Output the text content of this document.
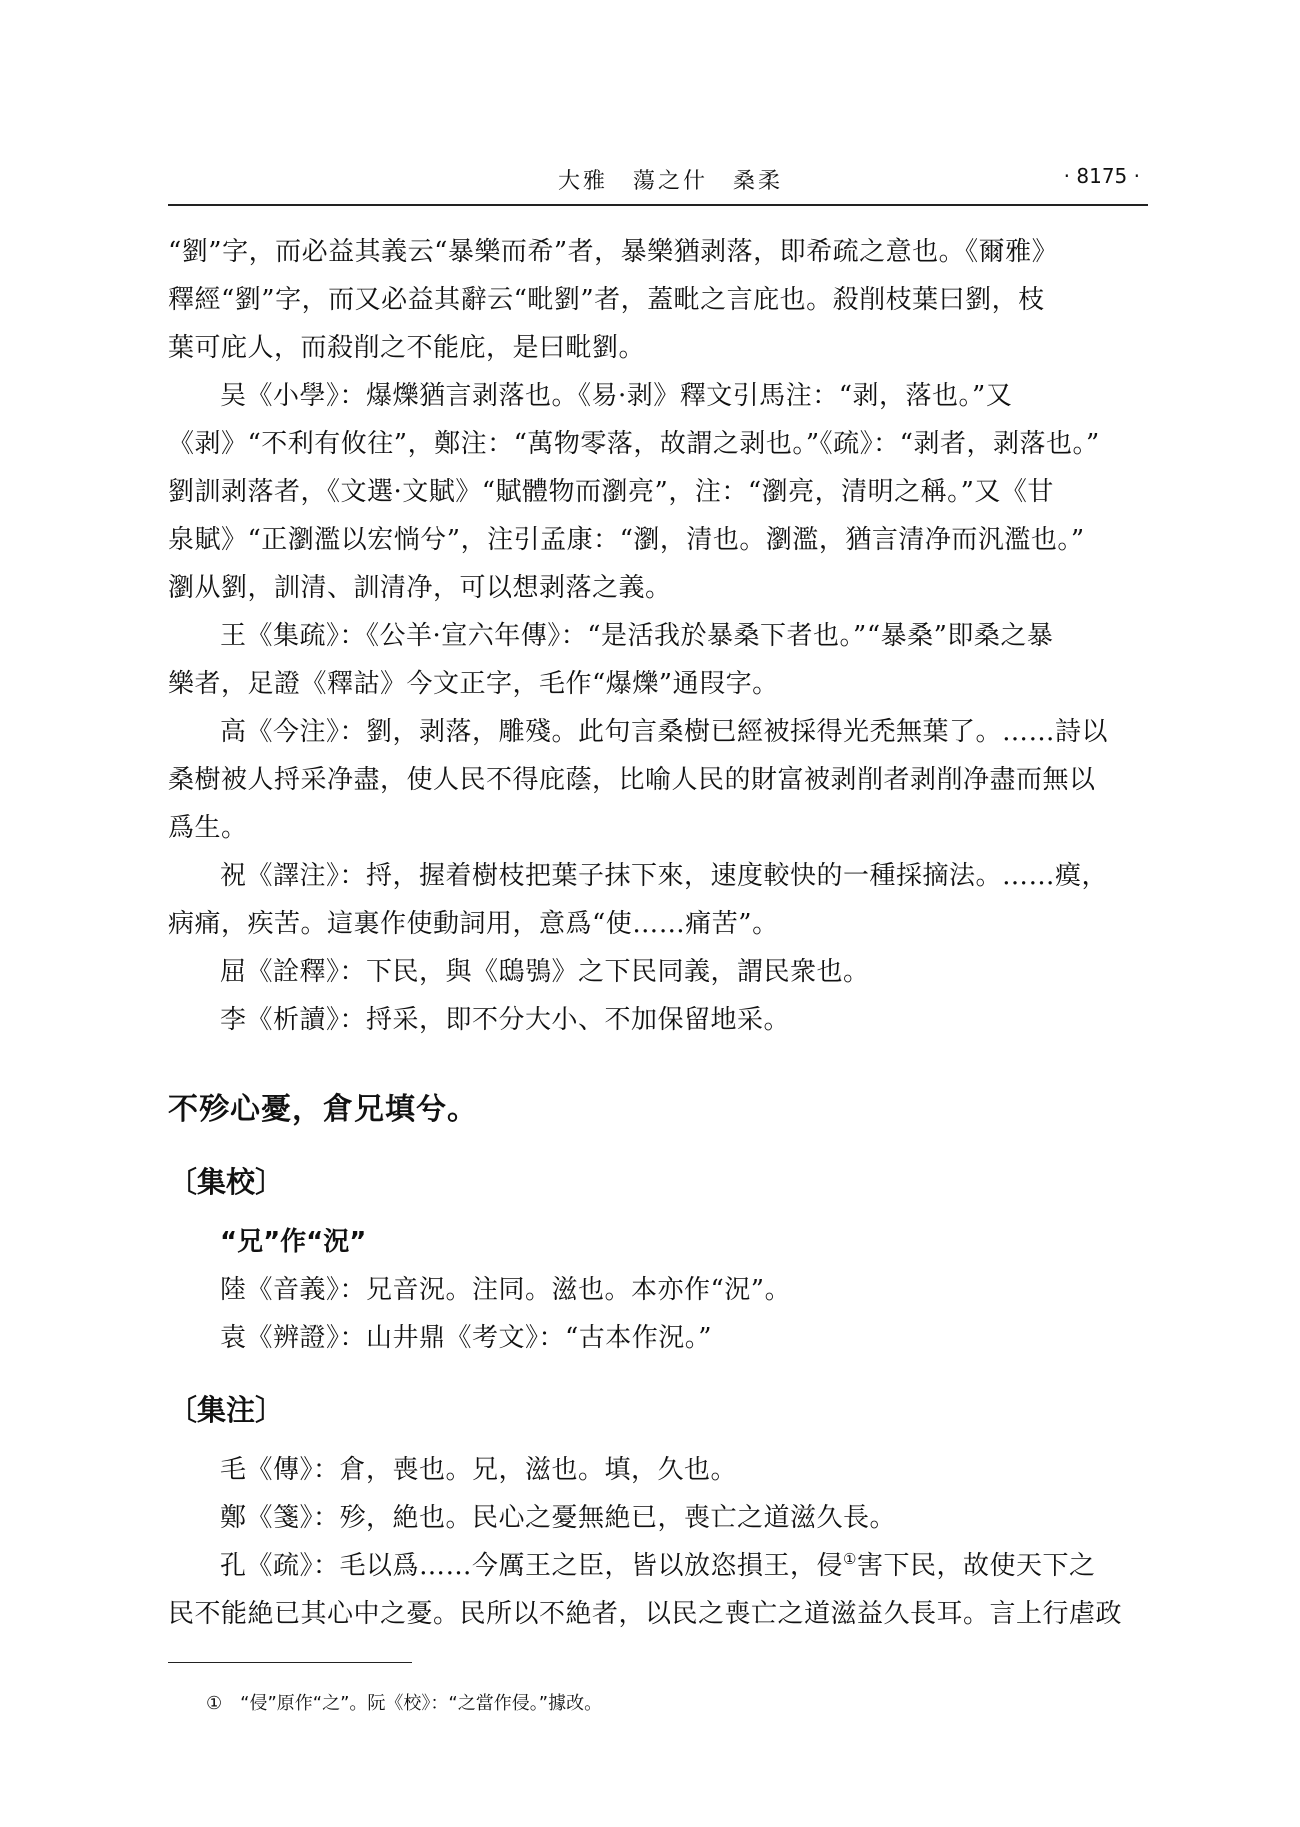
大雅　蕩之什　桑柔	· 8175 ·

“劉”字，而必益其義云“暴樂而希”者，暴樂猶剥落，即希疏之意也。《爾雅》
釋經“劉”字，而又必益其辭云“毗劉”者，蓋毗之言庇也。殺削枝葉曰劉，枝
葉可庇人，而殺削之不能庇，是曰毗劉。

吴《小學》：爆爍猶言剥落也。《易·剥》釋文引馬注：“剥，落也。”又

《剥》“不利有攸往”，鄭注：“萬物零落，故謂之剥也。”《疏》：“剥者，剥落也。”
劉訓剥落者，《文選·文賦》“賦體物而瀏亮”，注：“瀏亮，清明之稱。”又《甘
泉賦》“正瀏濫以宏惝兮”，注引孟康：“瀏，清也。瀏濫，猶言清净而汎濫也。”
瀏从劉，訓清、訓清净，可以想剥落之義。

王《集疏》：《公羊·宣六年傳》：“是活我於暴桑下者也。”“暴桑”即桑之暴

樂者，足證《釋詁》今文正字，毛作“爆爍”通叚字。

高《今注》：劉，剥落，雕殘。此句言桑樹已經被採得光禿無葉了。……詩以

桑樹被人捋采净盡，使人民不得庇蔭，比喻人民的財富被剥削者剥削净盡而無以
爲生。

祝《譯注》：捋，握着樹枝把葉子抹下來，速度較快的一種採摘法。……瘼，

病痛，疾苦。這裏作使動詞用，意爲“使……痛苦”。

屈《詮釋》：下民，與《鴟鴞》之下民同義，謂民衆也。

李《析讀》：捋采，即不分大小、不加保留地采。

不殄心憂，倉兄填兮。
〔集校〕
“兄”作“況”

陸《音義》：兄音況。注同。滋也。本亦作“況”。

袁《辨證》：山井鼎《考文》：“古本作況。”

〔集注〕

毛《傳》：倉，喪也。兄，滋也。填，久也。

鄭《箋》：殄，絶也。民心之憂無絶已，喪亡之道滋久長。

孔《疏》：毛以爲……今厲王之臣，皆以放恣損王，侵①害下民，故使天下之

民不能絶已其心中之憂。民所以不絶者，以民之喪亡之道滋益久長耳。言上行虐政

①　“侵”原作“之”。阮《校》：“之當作侵。”據改。
